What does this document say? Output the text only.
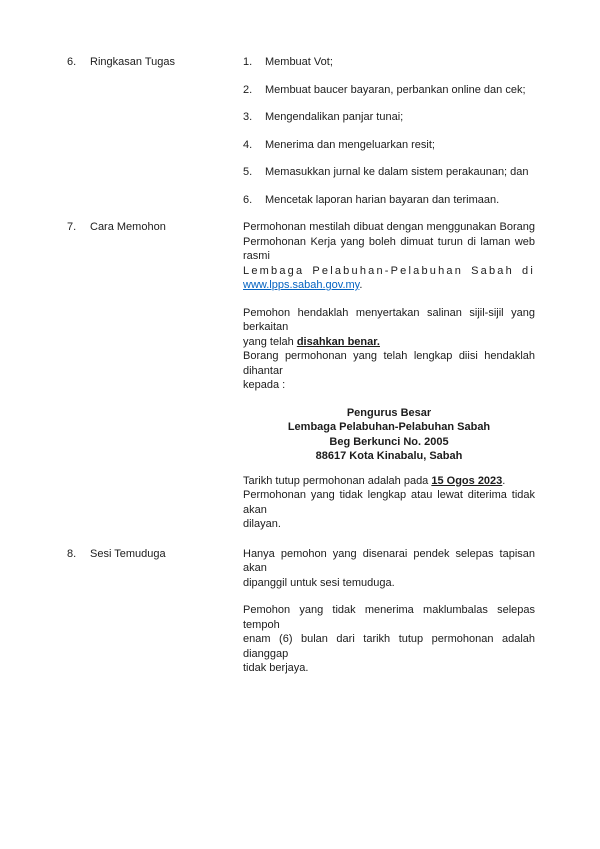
6.	Ringkasan Tugas	1.	Membuat Vot;
2.	Membuat baucer bayaran, perbankan online dan cek;
3.	Mengendalikan panjar tunai;
4.	Menerima dan mengeluarkan resit;
5.	Memasukkan jurnal ke dalam sistem perakaunan; dan
6.	Mencetak laporan harian bayaran dan terimaan.
7.	Cara Memohon	Permohonan mestilah dibuat dengan menggunakan Borang
Permohonan Kerja yang boleh dimuat turun di laman web rasmi
Lembaga Pelabuhan-Pelabuhan Sabah di
www.lpps.sabah.gov.my.
Pemohon hendaklah menyertakan salinan sijil-sijil yang berkaitan
yang telah disahkan benar.
Borang permohonan yang telah lengkap diisi hendaklah dihantar
kepada :
Pengurus Besar
Lembaga Pelabuhan-Pelabuhan Sabah
Beg Berkunci No. 2005
88617 Kota Kinabalu, Sabah
Tarikh tutup permohonan adalah pada 15 Ogos 2023.
Permohonan yang tidak lengkap atau lewat diterima tidak akan
dilayan.
8.	Sesi Temuduga	Hanya pemohon yang disenarai pendek selepas tapisan akan
dipanggil untuk sesi temuduga.
Pemohon yang tidak menerima maklumbalas selepas tempoh
enam (6) bulan dari tarikh tutup permohonan adalah dianggap
tidak berjaya.
